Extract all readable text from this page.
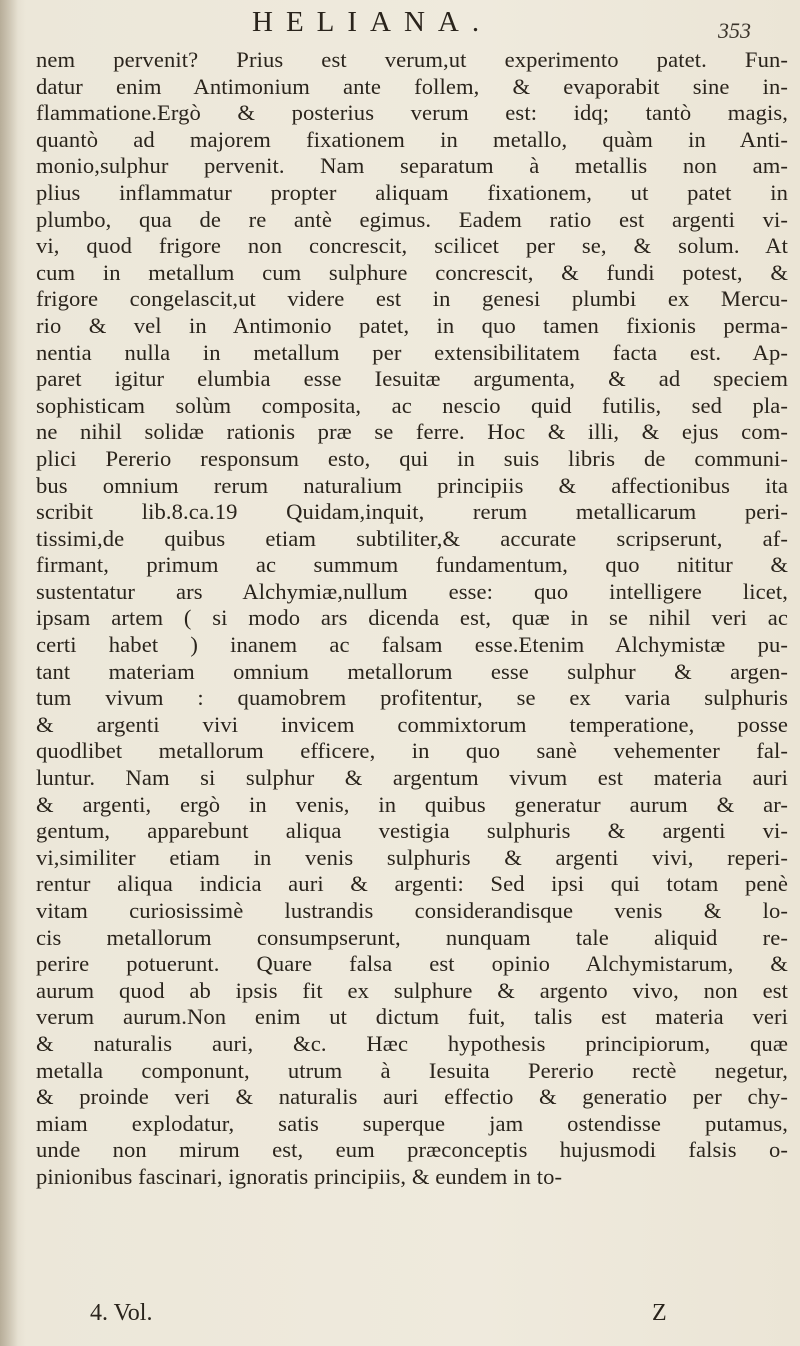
HELIANA.	353
nem pervenit? Prius est verum,ut experimento patet. Fun-
datur enim Antimonium ante follem, & evaporabit sine in-
flammatione.Ergò & posterius verum est: idq; tantò magis,
quantò ad majorem fixationem in metallo, quàm in Anti-
monio,sulphur pervenit. Nam separatum à metallis non am-
plius inflammatur propter aliquam fixationem, ut patet in
plumbo, qua de re antè egimus. Eadem ratio est argenti vi-
vi, quod frigore non concrescit, scilicet per se, & solum. At
cum in metallum cum sulphure concrescit, & fundi potest, &
frigore congelascit,ut videre est in genesi plumbi ex Mercu-
rio & vel in Antimonio patet, in quo tamen fixionis perma-
nentia nulla in metallum per extensibilitatem facta est. Ap-
paret igitur elumbia esse Iesuitæ argumenta, & ad speciem
sophisticam solùm composita, ac nescio quid futilis, sed pla-
ne nihil solidæ rationis præ se ferre. Hoc & illi, & ejus com-
plici Pererio responsum esto, qui in suis libris de communi-
bus omnium rerum naturalium principiis & affectionibus ita
scribit lib.8.ca.19 Quidam,inquit, rerum metallicarum peri-
tissimi,de quibus etiam subtiliter,& accurate scripserunt, af-
firmant, primum ac summum fundamentum, quo nititur &
sustentatur ars Alchymiæ,nullum esse: quo intelligere licet,
ipsam artem ( si modo ars dicenda est, quæ in se nihil veri ac
certi habet ) inanem ac falsam esse.Etenim Alchymistæ pu-
tant materiam omnium metallorum esse sulphur & argen-
tum vivum : quamobrem profitentur, se ex varia sulphuris
& argenti vivi invicem commixtorum temperatione, posse
quodlibet metallorum efficere, in quo sanè vehementer fal-
luntur. Nam si sulphur & argentum vivum est materia auri
& argenti, ergò in venis, in quibus generatur aurum & ar-
gentum, apparebunt aliqua vestigia sulphuris & argenti vi-
vi,similiter etiam in venis sulphuris & argenti vivi, reperi-
rentur aliqua indicia auri & argenti: Sed ipsi qui totam penè
vitam curiosissimè lustrandis considerandisque venis & lo-
cis metallorum consumpserunt, nunquam tale aliquid re-
perire potuerunt. Quare falsa est opinio Alchymistarum, &
aurum quod ab ipsis fit ex sulphure & argento vivo, non est
verum aurum.Non enim ut dictum fuit, talis est materia veri
& naturalis auri, &c. Hæc hypothesis principiorum, quæ
metalla componunt, utrum à Iesuita Pererio rectè negetur,
& proinde veri & naturalis auri effectio & generatio per chy-
miam explodatur, satis superque jam ostendisse putamus,
unde non mirum est, eum præconceptis hujusmodi falsis o-
pinionibus fascinari, ignoratis principiis, & eundem in to-
4. Vol.	Z
